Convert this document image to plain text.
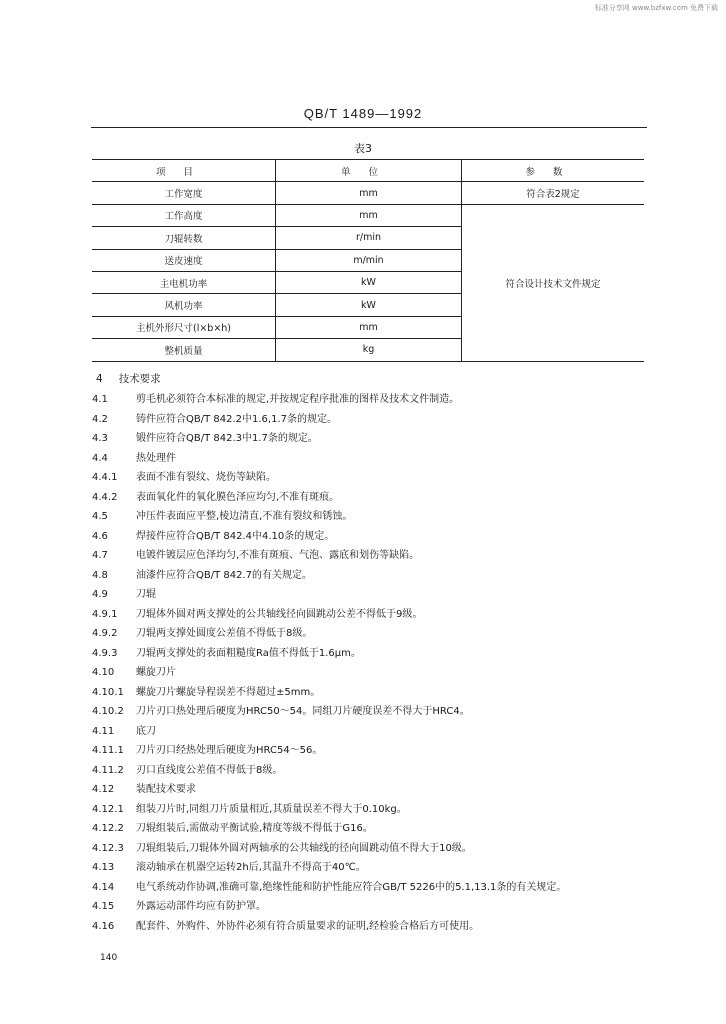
标准分享网 www.bzfxw.com 免费下载
QB/T 1489—1992
表3
项目	单位	参数
工作宽度	mm	符合表2规定
工作高度	mm	符合设计技术文件规定
刀辊转数	r/min	
送皮速度	m/min	
主电机功率	kW	
风机功率	kW	
主机外形尺寸(l×b×h)	mm	
整机质量	kg	
4 技术要求
4.1	剪毛机必须符合本标准的规定,并按规定程序批准的图样及技术文件制造。
4.2	铸件应符合QB/T 842.2中1.6,1.7条的规定。
4.3	锻件应符合QB/T 842.3中1.7条的规定。
4.4	热处理件
4.4.1 表面不准有裂纹、烧伤等缺陷。
4.4.2 表面氧化件的氧化膜色泽应均匀,不准有斑痕。
4.5	冲压件表面应平整,棱边清直,不准有裂纹和锈蚀。
4.6	焊接件应符合QB/T 842.4中4.10条的规定。
4.7	电镀件镀层应色泽均匀,不准有斑痕、气泡、露底和划伤等缺陷。
4.8	油漆件应符合QB/T 842.7的有关规定。
4.9	刀辊
4.9.1 刀辊体外圆对两支撑处的公共轴线径向圆跳动公差不得低于9级。
4.9.2 刀辊两支撑处圆度公差值不得低于8级。
4.9.3 刀辊两支撑处的表面粗糙度Ra值不得低于1.6μm。
4.10 螺旋刀片
4.10.1 螺旋刀片螺旋导程误差不得超过±5mm。
4.10.2 刀片刃口热处理后硬度为HRC50～54。同组刀片硬度误差不得大于HRC4。
4.11 底刀
4.11.1 刀片刃口经热处理后硬度为HRC54～56。
4.11.2 刃口直线度公差值不得低于8级。
4.12 装配技术要求
4.12.1 组装刀片时,同组刀片质量相近,其质量误差不得大于0.10kg。
4.12.2 刀辊组装后,需做动平衡试验,精度等级不得低于G16。
4.12.3 刀辊组装后,刀辊体外圆对两轴承的公共轴线的径向圆跳动值不得大于10级。
4.13 滚动轴承在机器空运转2h后,其温升不得高于40℃。
4.14 电气系统动作协调,准确可靠,绝缘性能和防护性能应符合GB/T 5226中的5.1,13.1条的有关规定。
4.15 外露运动部件均应有防护罩。
4.16 配套件、外购件、外协件必须有符合质量要求的证明,经检验合格后方可使用。
140
